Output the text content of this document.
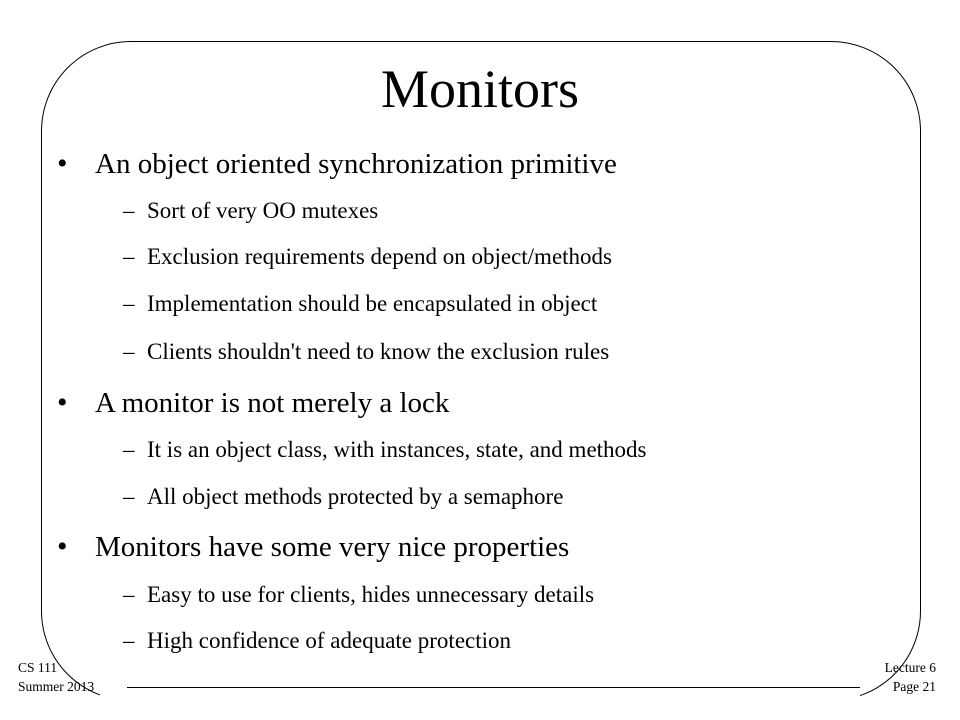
Monitors
• An object oriented synchronization primitive
– Sort of very OO mutexes
– Exclusion requirements depend on object/methods
– Implementation should be encapsulated in object
– Clients shouldn't need to know the exclusion rules
• A monitor is not merely a lock
– It is an object class, with instances, state, and methods
– All object methods protected by a semaphore
• Monitors have some very nice properties
– Easy to use for clients, hides unnecessary details
– High confidence of adequate protection
CS 111
Summer 2013
Lecture 6
Page 21
